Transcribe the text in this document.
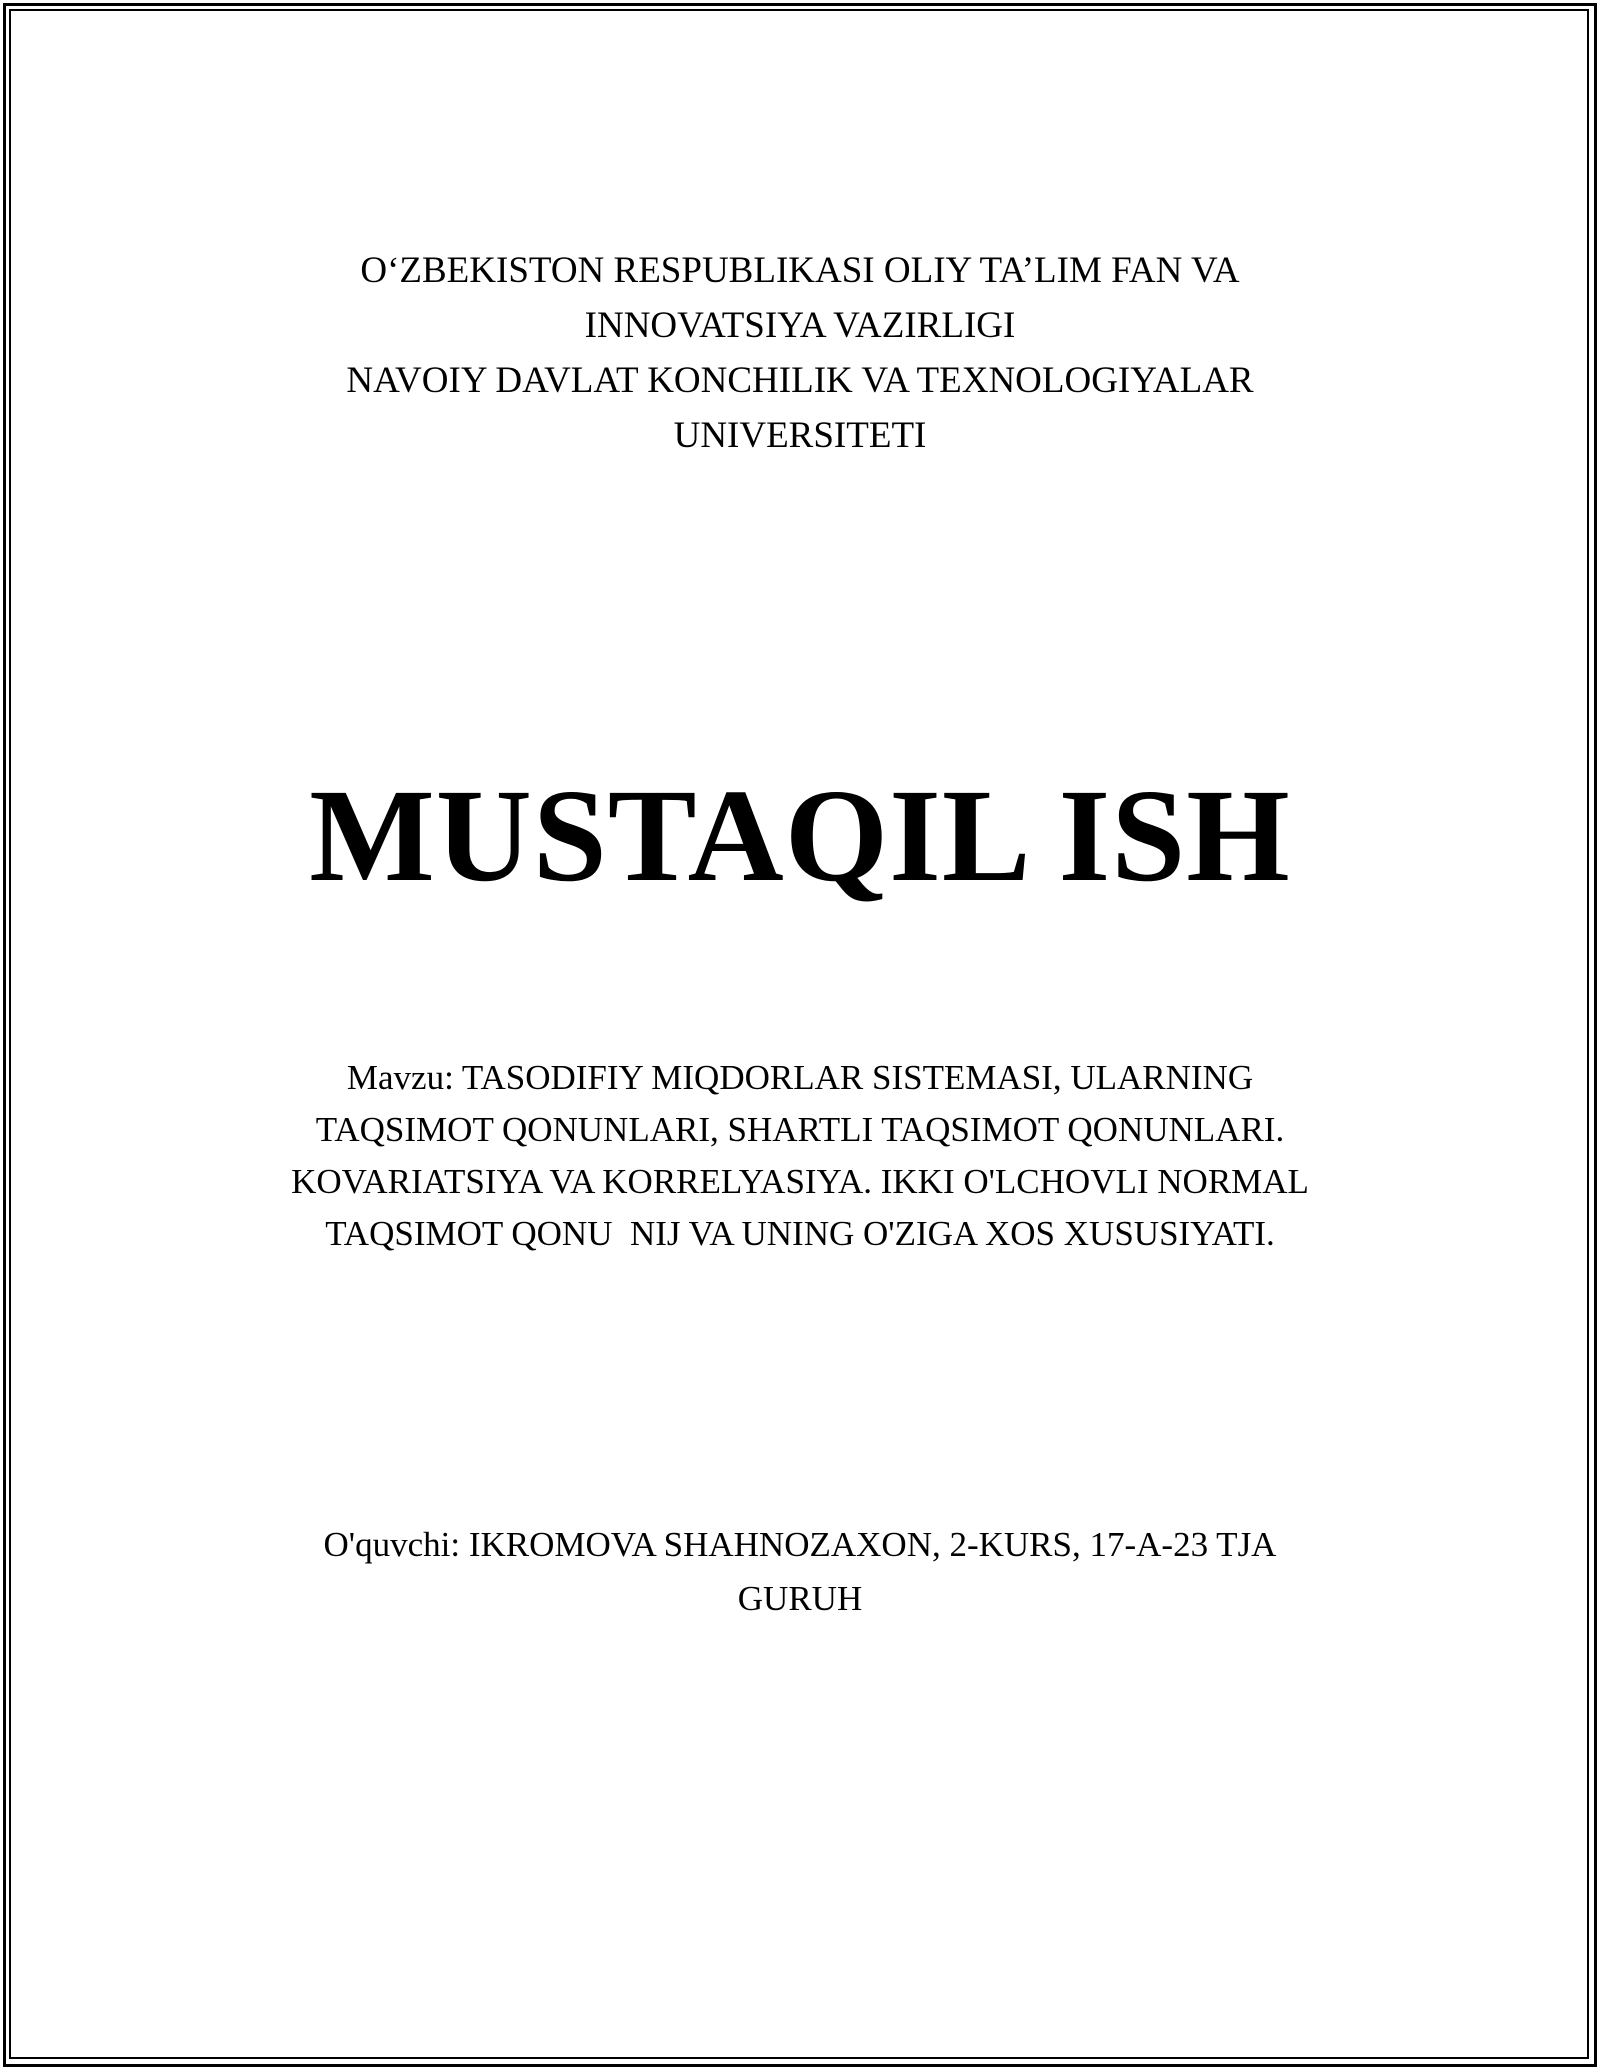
O‘ZBEKISTON RESPUBLIKASI OLIY TA’LIM FAN VA
INNOVATSIYA VAZIRLIGI
NAVOIY DAVLAT KONCHILIK VA TEXNOLOGIYALAR
UNIVERSITETI
MUSTAQIL ISH
Mavzu: TASODIFIY MIQDORLAR SISTEMASI, ULARNING
TAQSIMOT QONUNLARI, SHARTLI TAQSIMOT QONUNLARI.
KOVARIATSIYA VA KORRELYASIYA. IKKI O'LCHOVLI NORMAL
TAQSIMOT QONU  NIJ VA UNING O'ZIGA XOS XUSUSIYATI.
O'quvchi: IKROMOVA SHAHNOZAXON, 2-KURS, 17-A-23 TJA
GURUH
